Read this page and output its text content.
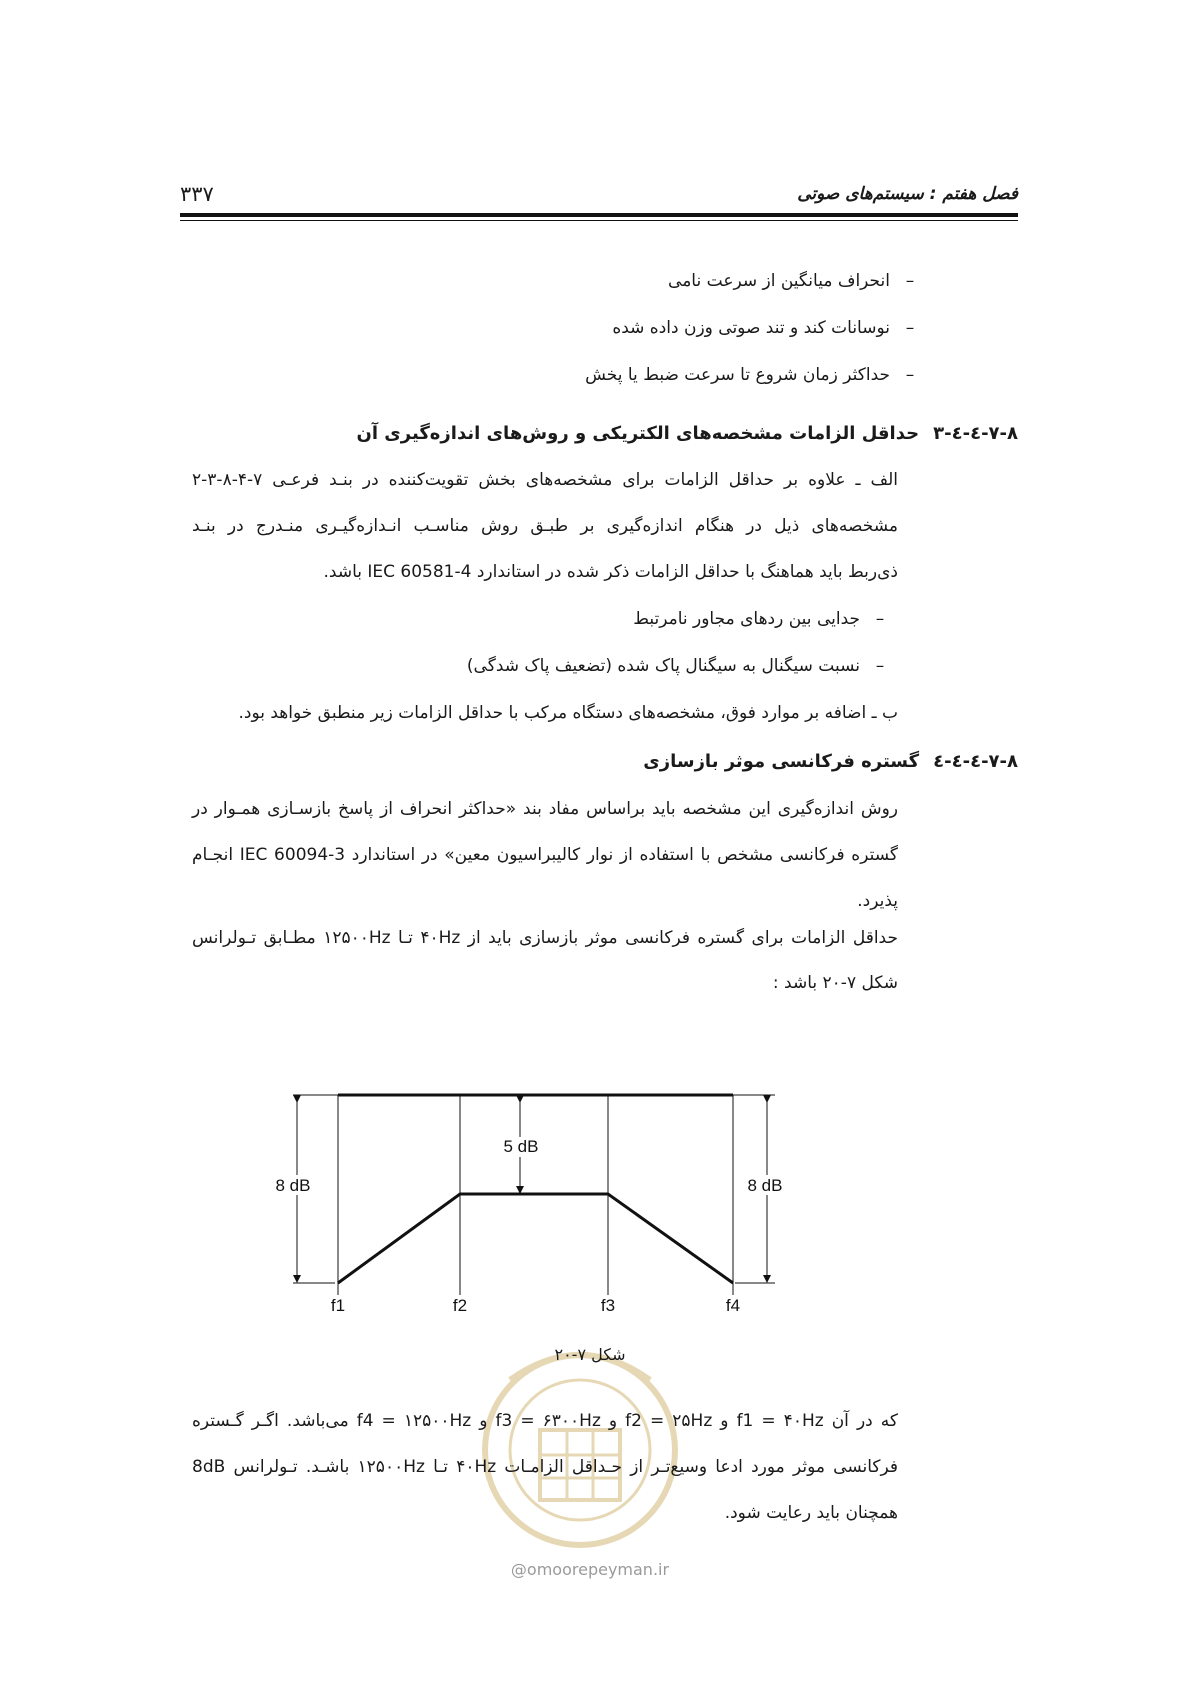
۳۳۷	فصل هفتم : سیستم‌های صوتی
–انحراف میانگین از سرعت نامی
–نوسانات کند و تند صوتی وزن داده شده
–حداکثر زمان شروع تا سرعت ضبط یا پخش
۷-۸-٤-٤-۳حداقل الزامات مشخصه‌های الکتریکی و روش‌های اندازه‌گیری آن
الف ـ علاوه بر حداقل الزامات برای مشخصه‌های بخش تقویت‌کننده در بنـد فرعـی ۷-۴-۸-۳-۲
مشخصه‌های ذیل در هنگام اندازه‌گیری بر طبـق روش مناسـب انـدازه‌گیـری منـدرج در بنـد
ذی‌ربط باید هماهنگ با حداقل الزامات ذکر شده در استاندارد IEC 60581-4 باشد.
–جدایی بین ردهای مجاور نامرتبط
–نسبت سیگنال به سیگنال پاک شده (تضعیف پاک شدگی)
ب ـ اضافه بر موارد فوق، مشخصه‌های دستگاه مرکب با حداقل الزامات زیر منطبق خواهد بود.
۷-۸-٤-٤-٤گستره فرکانسی موثر بازسازی
روش اندازه‌گیری این مشخصه باید براساس مفاد بند «حداکثر انحراف از پاسخ بازسـازی همـوار در
گستره فرکانسی مشخص با استفاده از نوار کالیبراسیون معین» در استاندارد IEC 60094-3 انجـام
پذیرد.
حداقل الزامات برای گستره فرکانسی موثر بازسازی باید از ۴۰Hz تـا ۱۲۵۰۰Hz مطـابق تـولرانس
شکل ۷-۲۰ باشد :
8 dB	8 dB
5 dB
f1	f2	f3	f4
@omoorepeyman.ir
شکل ۷-۲۰
که در آن f1 = ۴۰Hz و f2 = ۲۵Hz و f3 = ۶۳۰۰Hz و f4 = ۱۲۵۰۰Hz می‌باشد. اگـر گـستره
فرکانسی موثر مورد ادعا وسیع‌تـر از حـداقل الزامـات ۴۰Hz تـا ۱۲۵۰۰Hz باشـد. تـولرانس 8dB
همچنان باید رعایت شود.
